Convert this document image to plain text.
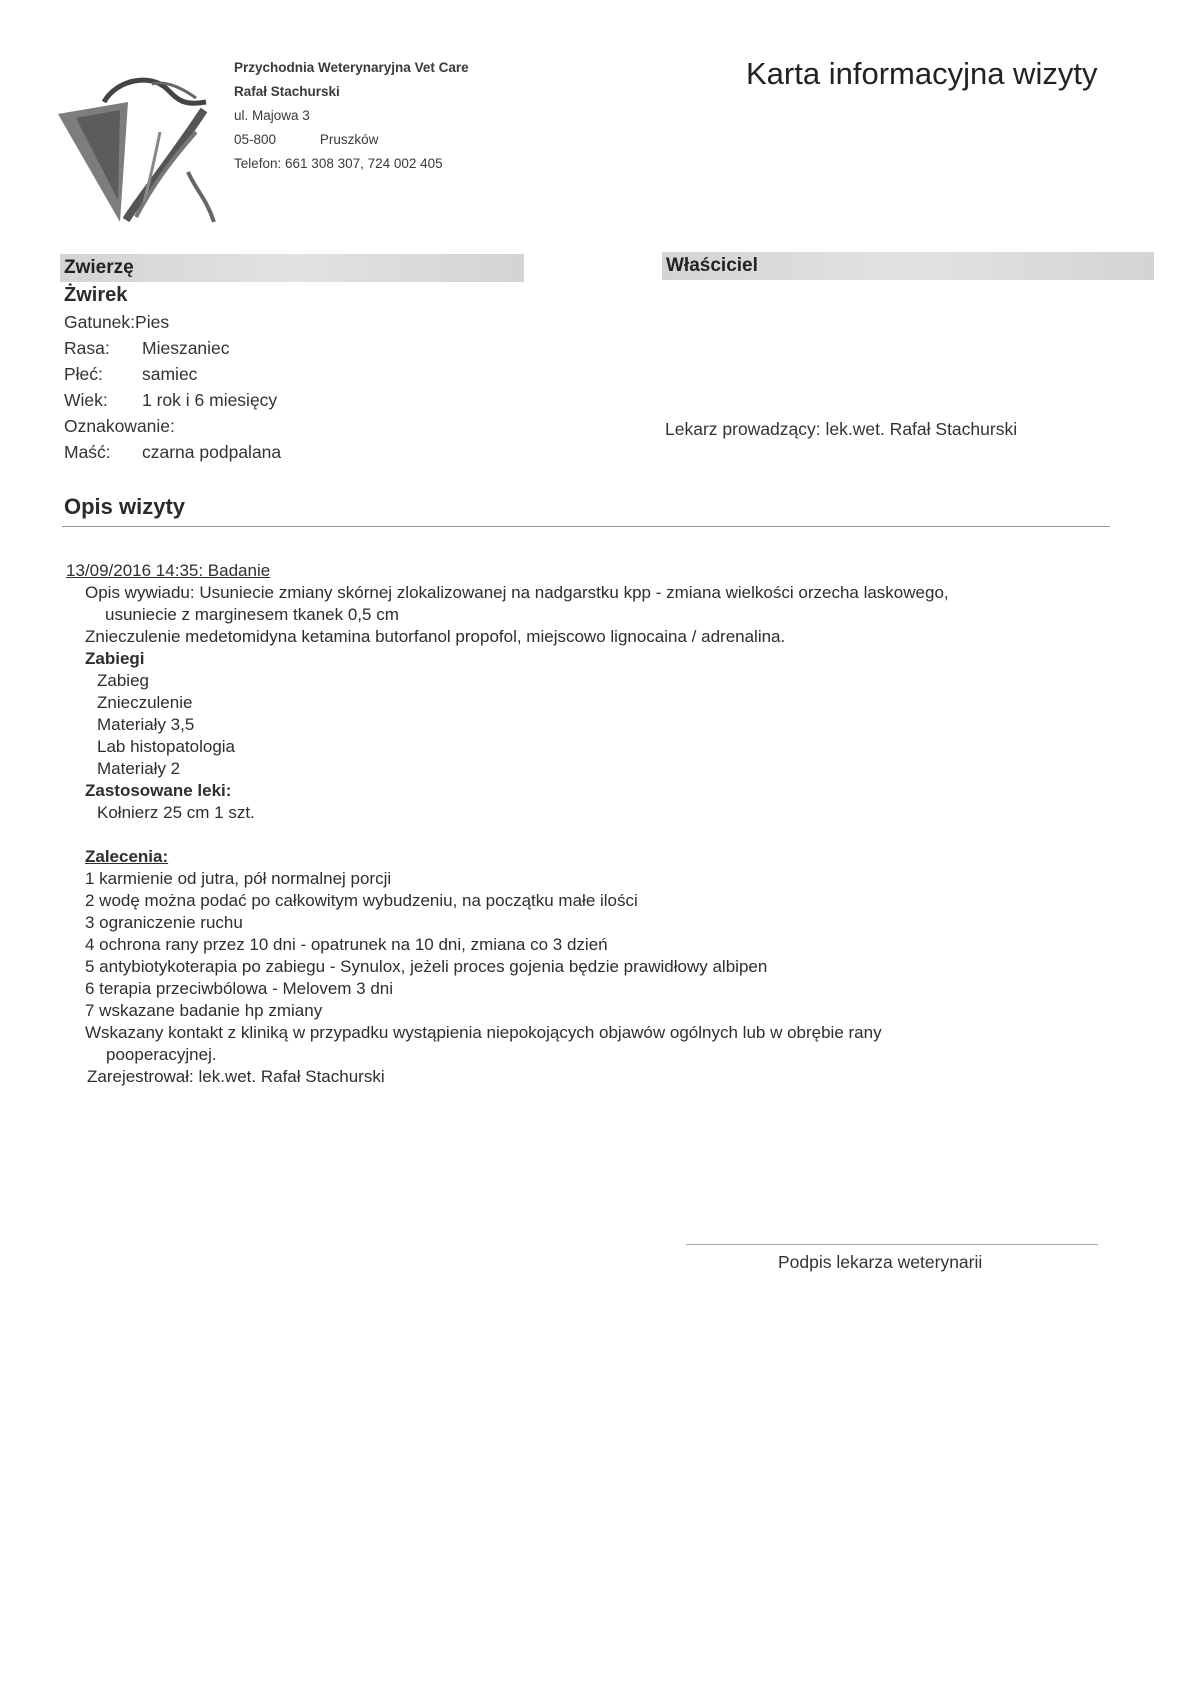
Przychodnia Weterynaryjna Vet Care
Rafał Stachurski
ul. Majowa 3
05-800	Pruszków
Telefon: 661 308 307, 724 002 405
Karta informacyjna wizyty
Zwierzę	Właściciel
Żwirek
Gatunek:Pies
Rasa: Mieszaniec
Płeć: samiec
Wiek: 1 rok i 6 miesięcy
Oznakowanie:
Maść: czarna podpalana
Lekarz prowadzący: lek.wet. Rafał Stachurski
Opis wizyty
13/09/2016 14:35: Badanie
Opis wywiadu: Usuniecie zmiany skórnej zlokalizowanej na nadgarstku kpp - zmiana wielkości orzecha laskowego,
usuniecie z marginesem tkanek 0,5 cm
Znieczulenie medetomidyna ketamina butorfanol propofol, miejscowo lignocaina / adrenalina.
Zabiegi
Zabieg
Znieczulenie
Materiały 3,5
Lab histopatologia
Materiały 2
Zastosowane leki:
Kołnierz 25 cm 1 szt.
Zalecenia:
1 karmienie od jutra, pół normalnej porcji
2 wodę można podać po całkowitym wybudzeniu, na początku małe ilości
3 ograniczenie ruchu
4 ochrona rany przez 10 dni - opatrunek na 10 dni, zmiana co 3 dzień
5 antybiotykoterapia po zabiegu - Synulox, jeżeli proces gojenia będzie prawidłowy albipen
6 terapia przeciwbólowa - Melovem 3 dni
7 wskazane badanie hp zmiany
Wskazany kontakt z kliniką w przypadku wystąpienia niepokojących objawów ogólnych lub w obrębie rany
pooperacyjnej.
Zarejestrował: lek.wet. Rafał Stachurski
Podpis lekarza weterynarii
